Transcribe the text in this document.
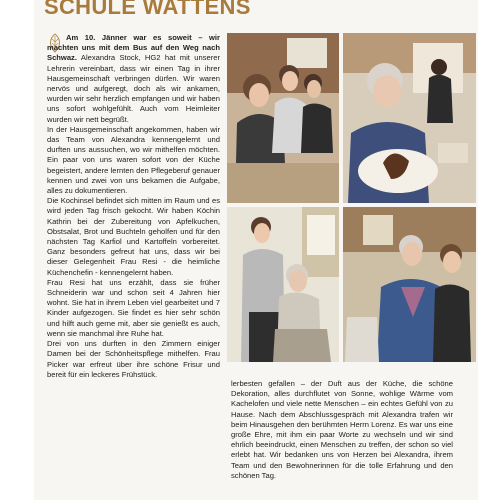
SCHULE WATTENS

Am 10. Jänner war es soweit – wir machten uns mit dem Bus auf den Weg nach Schwaz. Alexandra Stock, HG2 hat mit unserer Lehrerin vereinbart, dass wir einen Tag in ihrer Hausgemeinschaft verbringen dürfen. Wir waren nervös und aufgeregt, doch als wir ankamen, wurden wir sehr herzlich empfangen und wir haben uns sofort wohlgefühlt. Auch vom Heimleiter wurden wir nett begrüßt.

In der Hausgemeinschaft angekommen, haben wir das Team von Alexandra kennengelernt und durften uns aussuchen, wo wir mithelfen möchten. Ein paar von uns waren sofort von der Küche begeistert, andere lernten den Pflegeberuf genauer kennen und zwei von uns bekamen die Aufgabe, alles zu dokumentieren.

Die Kochinsel befindet sich mitten im Raum und es wird jeden Tag frisch gekocht. Wir haben Köchin Kathrin bei der Zubereitung von Apfelkuchen, Obstsalat, Brot und Buchteln geholfen und für den nächsten Tag Karfiol und Kartoffeln vorbereitet. Ganz besonders gefreut hat uns, dass wir bei dieser Gelegenheit Frau Resi - die heimliche Küchenchefin - kennengelernt haben.

Frau Resi hat uns erzählt, dass sie früher Schneiderin war und schon seit 4 Jahren hier wohnt. Sie hat in ihrem Leben viel gearbeitet und 7 Kinder aufgezogen. Sie findet es hier sehr schön und hilft auch gerne mit, aber sie genießt es auch, wenn sie manchmal ihre Ruhe hat.

Drei von uns durften in den Zimmern einiger Damen bei der Schönheitspflege mithelfen. Frau Picker war erfreut über ihre schöne Frisur und bereit für ein leckeres Frühstück.

lerbesten gefallen – der Duft aus der Küche, die schöne Dekoration, alles durchflutet von Sonne, wohlige Wärme vom Kachelofen und viele nette Menschen – ein echtes Gefühl von zu Hause. Nach dem Abschlussgespräch mit Alexandra trafen wir beim Hinausgehen den berühmten Herrn Lorenz. Es war uns eine große Ehre, mit ihm ein paar Worte zu wechseln und wir sind ehrlich beeindruckt, einen Menschen zu treffen, der schon so viel erlebt hat. Wir bedanken uns von Herzen bei Alexandra, ihrem Team und den Bewohnerinnen für die tolle Erfahrung und den schönen Tag.
